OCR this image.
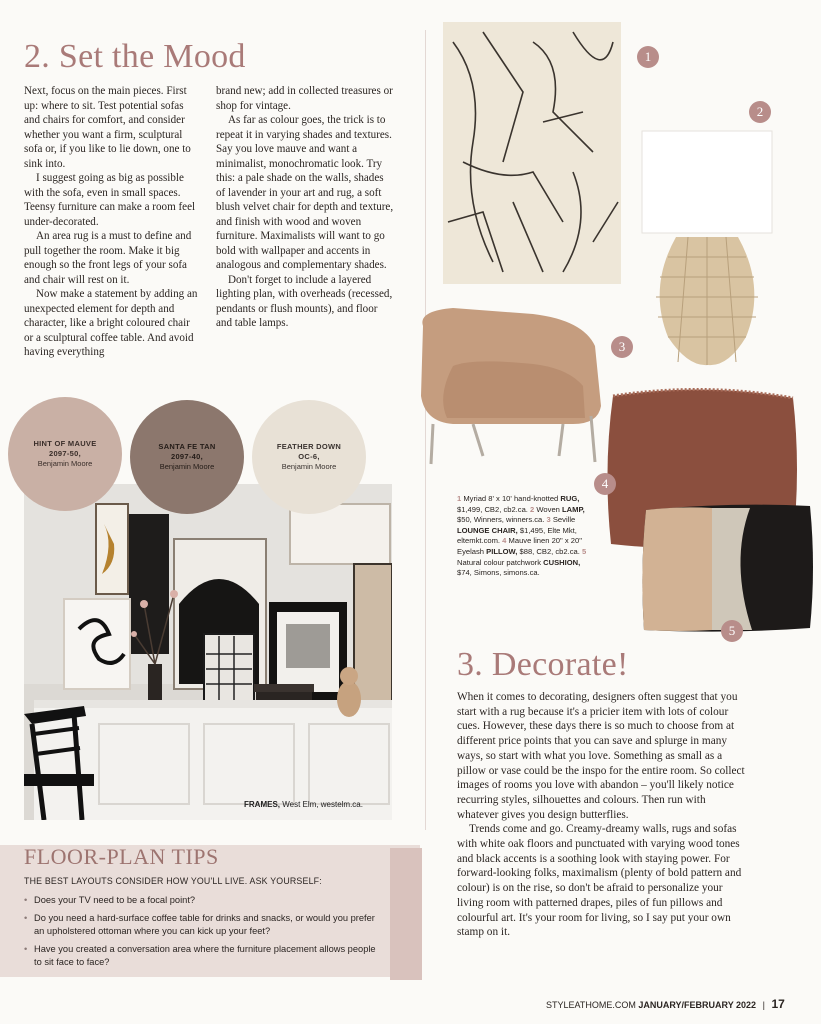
2. Set the Mood

Next, focus on the main pieces. First up: where to sit. Test potential sofas and chairs for comfort, and consider whether you want a firm, sculptural sofa or, if you like to lie down, one to sink into.

I suggest going as big as possible with the sofa, even in small spaces. Teensy furniture can make a room feel under-decorated.

An area rug is a must to define and pull together the room. Make it big enough so the front legs of your sofa and chair will rest on it.

Now make a statement by adding an unexpected element for depth and character, like a bright coloured chair or a sculptural coffee table. And avoid having everything

brand new; add in collected treasures or shop for vintage.

As far as colour goes, the trick is to repeat it in varying shades and textures. Say you love mauve and want a minimalist, monochromatic look. Try this: a pale shade on the walls, shades of lavender in your art and rug, a soft blush velvet chair for depth and texture, and finish with wood and woven furniture. Maximalists will want to go bold with wallpaper and accents in analogous and complementary shades.

Don't forget to include a layered lighting plan, with overheads (recessed, pendants or flush mounts), and floor and table lamps.

FRAMES, West Elm, westelm.ca.
HINT OF MAUVE
2097-50,
Benjamin Moore
SANTA FE TAN
2097-40,
Benjamin Moore
FEATHER DOWN
OC-6,
Benjamin Moore
1
2
3
4
5
1 Myriad 8' x 10' hand-knotted RUG, $1,499, CB2, cb2.ca. 2 Woven LAMP, $50, Winners, winners.ca. 3 Seville LOUNGE CHAIR, $1,495, Elte Mkt, eltemkt.com. 4 Mauve linen 20" x 20" Eyelash PILLOW, $88, CB2, cb2.ca. 5 Natural colour patchwork CUSHION, $74, Simons, simons.ca.
3. Decorate!

When it comes to decorating, designers often suggest that you start with a rug because it's a pricier item with lots of colour cues. However, these days there is so much to choose from at different price points that you can save and splurge in many ways, so start with what you love. Something as small as a pillow or vase could be the inspo for the entire room. So collect images of rooms you love with abandon – you'll likely notice recurring styles, silhouettes and colours. Then run with whatever gives you design butterflies.

Trends come and go. Creamy-dreamy walls, rugs and sofas with white oak floors and punctuated with varying wood tones and black accents is a soothing look with staying power. For forward-looking folks, maximalism (plenty of bold pattern and colour) is on the rise, so don't be afraid to personalize your living room with patterned drapes, piles of fun pillows and colourful art. It's your room for living, so I say put your own stamp on it.

FLOOR-PLAN TIPS
THE BEST LAYOUTS CONSIDER HOW YOU'LL LIVE. ASK YOURSELF:
• Does your TV need to be a focal point?
• Do you need a hard-surface coffee table for drinks and snacks, or would you prefer an upholstered ottoman where you can kick up your feet?
• Have you created a conversation area where the furniture placement allows people to sit face to face?
STYLEATHOME.COM JANUARY/FEBRUARY 2022 | 17
